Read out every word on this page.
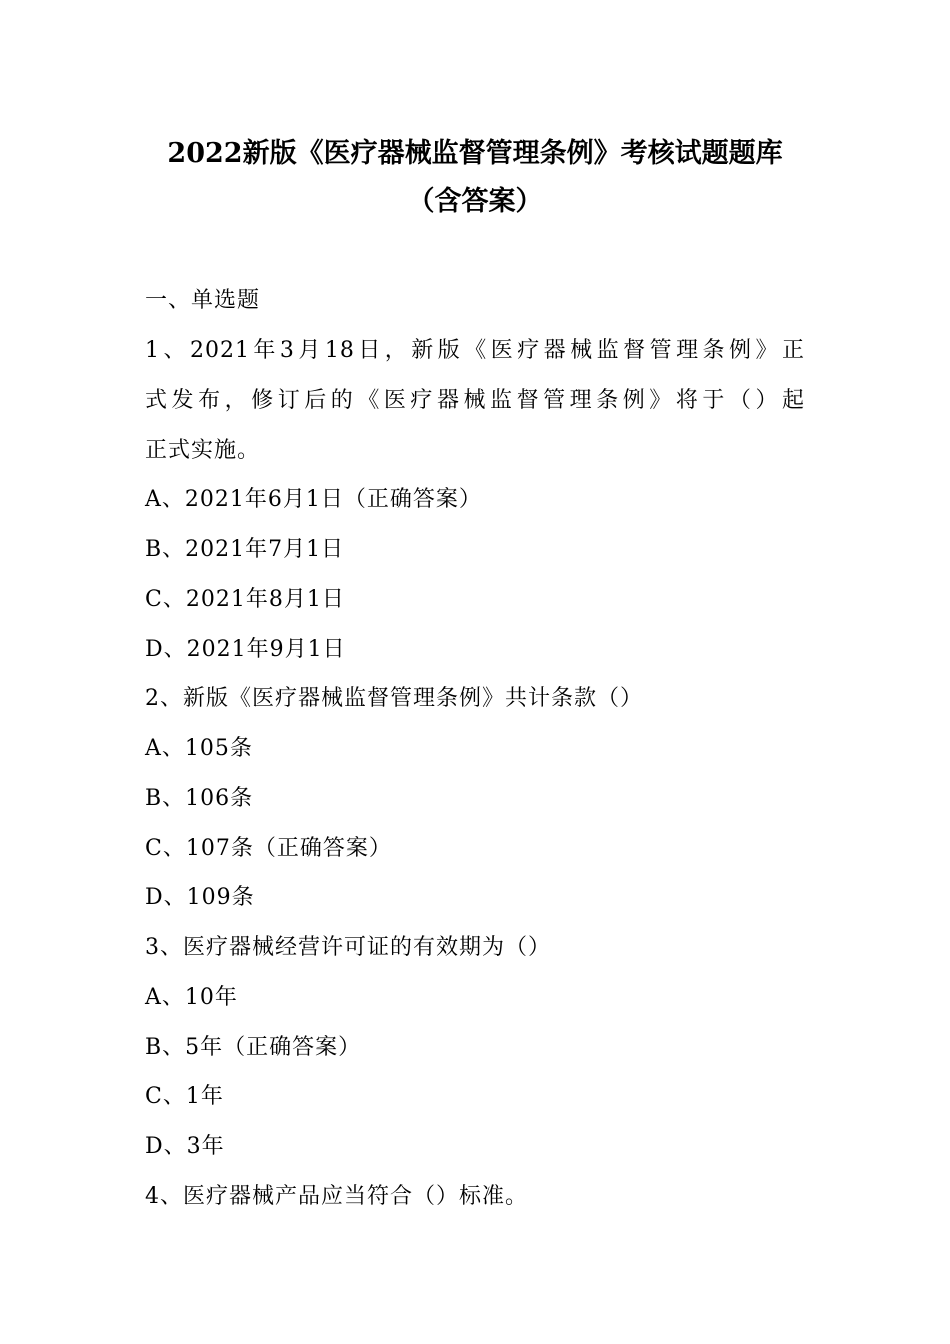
2022新版《医疗器械监督管理条例》考核试题题库
（含答案）
一、单选题
1、2021年3月18日，新版《医疗器械监督管理条例》正
式发布，修订后的《医疗器械监督管理条例》将于（）起
正式实施。
A、2021年6月1日（正确答案）
B、2021年7月1日
C、2021年8月1日
D、2021年9月1日
2、新版《医疗器械监督管理条例》共计条款（）
A、105条
B、106条
C、107条（正确答案）
D、109条
3、医疗器械经营许可证的有效期为（）
A、10年
B、5年（正确答案）
C、1年
D、3年
4、医疗器械产品应当符合（）标准。
